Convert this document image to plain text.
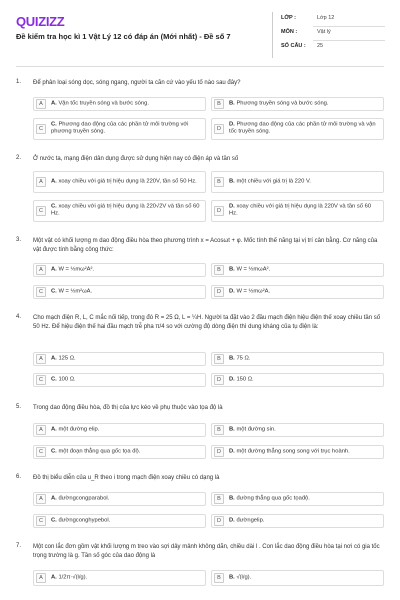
QUIZIZZ
Đề kiểm tra học kì 1 Vật Lý 12 có đáp án (Mới nhất) - Đề số 7
LỚP :	Lớp 12
MÔN :	Vật lý
SỐ CÂU : 25
1. Để phân loại sóng dọc, sóng ngang, người ta căn cứ vào yếu tố nào sau đây?
A	A. Vận tốc truyền sóng và bước sóng.	B	B. Phương truyền sóng và bước sóng.
C
C. Phương dao động của các phần tử môi trường với phương truyền sóng.	D
D. Phương dao động của các phần tử môi trường và vận tốc truyền sóng.
2. Ở nước ta, mạng điện dân dụng được sử dụng hiện nay có điện áp và tần số
A	A. xoay chiều với giá trị hiệu dụng là 220V, tần số 50 Hz.	B	B. một chiều với giá trị là 220 V.
C
C. xoay chiều với giá trị hiệu dụng là 220√2V và tần số 60 Hz.	D
D. xoay chiều với giá trị hiệu dụng là 220V và tần số 60 Hz.
3. Một vật có khối lượng m dao động điều hòa theo phương trình x = Acosωt + φ. Mốc tính thế năng tại vị trí cân bằng. Cơ năng của vật được tính bằng công thức:
A	A. W = ½mω²A².	B	B. W = ½mωA².
C	C. W = ½m²ωA.	D	D. W = ½mω²A.
4. Cho mạch điện R, L, C mắc nối tiếp, trong đó R = 25 Ω, L = ¼H. Người ta đặt vào 2 đầu mạch điện hiệu điện thế xoay chiều tần số 50 Hz. Để hiệu điện thế hai đầu mạch trễ pha π/4 so với cường độ dòng điện thì dung kháng của tụ điện là:
A	A. 125 Ω.	B	B. 75 Ω.
C	C. 100 Ω.	D	D. 150 Ω.
5. Trong dao động điều hòa, đồ thị của lực kéo về phụ thuộc vào tọa độ là
A	A. một đường elip.	B	B. một đường sin.
C	C. một đoạn thẳng qua gốc tọa độ.	D	D. một đường thẳng song song với trục hoành.
6. Đồ thị biểu diễn của u_R theo i trong mạch điện xoay chiều có dạng là
A	A. đườngcongparabol.	B	B. đường thẳng qua gốc tọađộ.
C	C. đườngconghypebol.	D	D. đườngelip.
7. Một con lắc đơn gồm vật khối lượng m treo vào sợi dây mảnh không dãn, chiều dài l . Con lắc dao động điều hòa tại nơi có gia tốc trọng trường là g. Tần số góc của dao động là
A	A. 1/2π·√(l/g).	B	B. √(l/g).
